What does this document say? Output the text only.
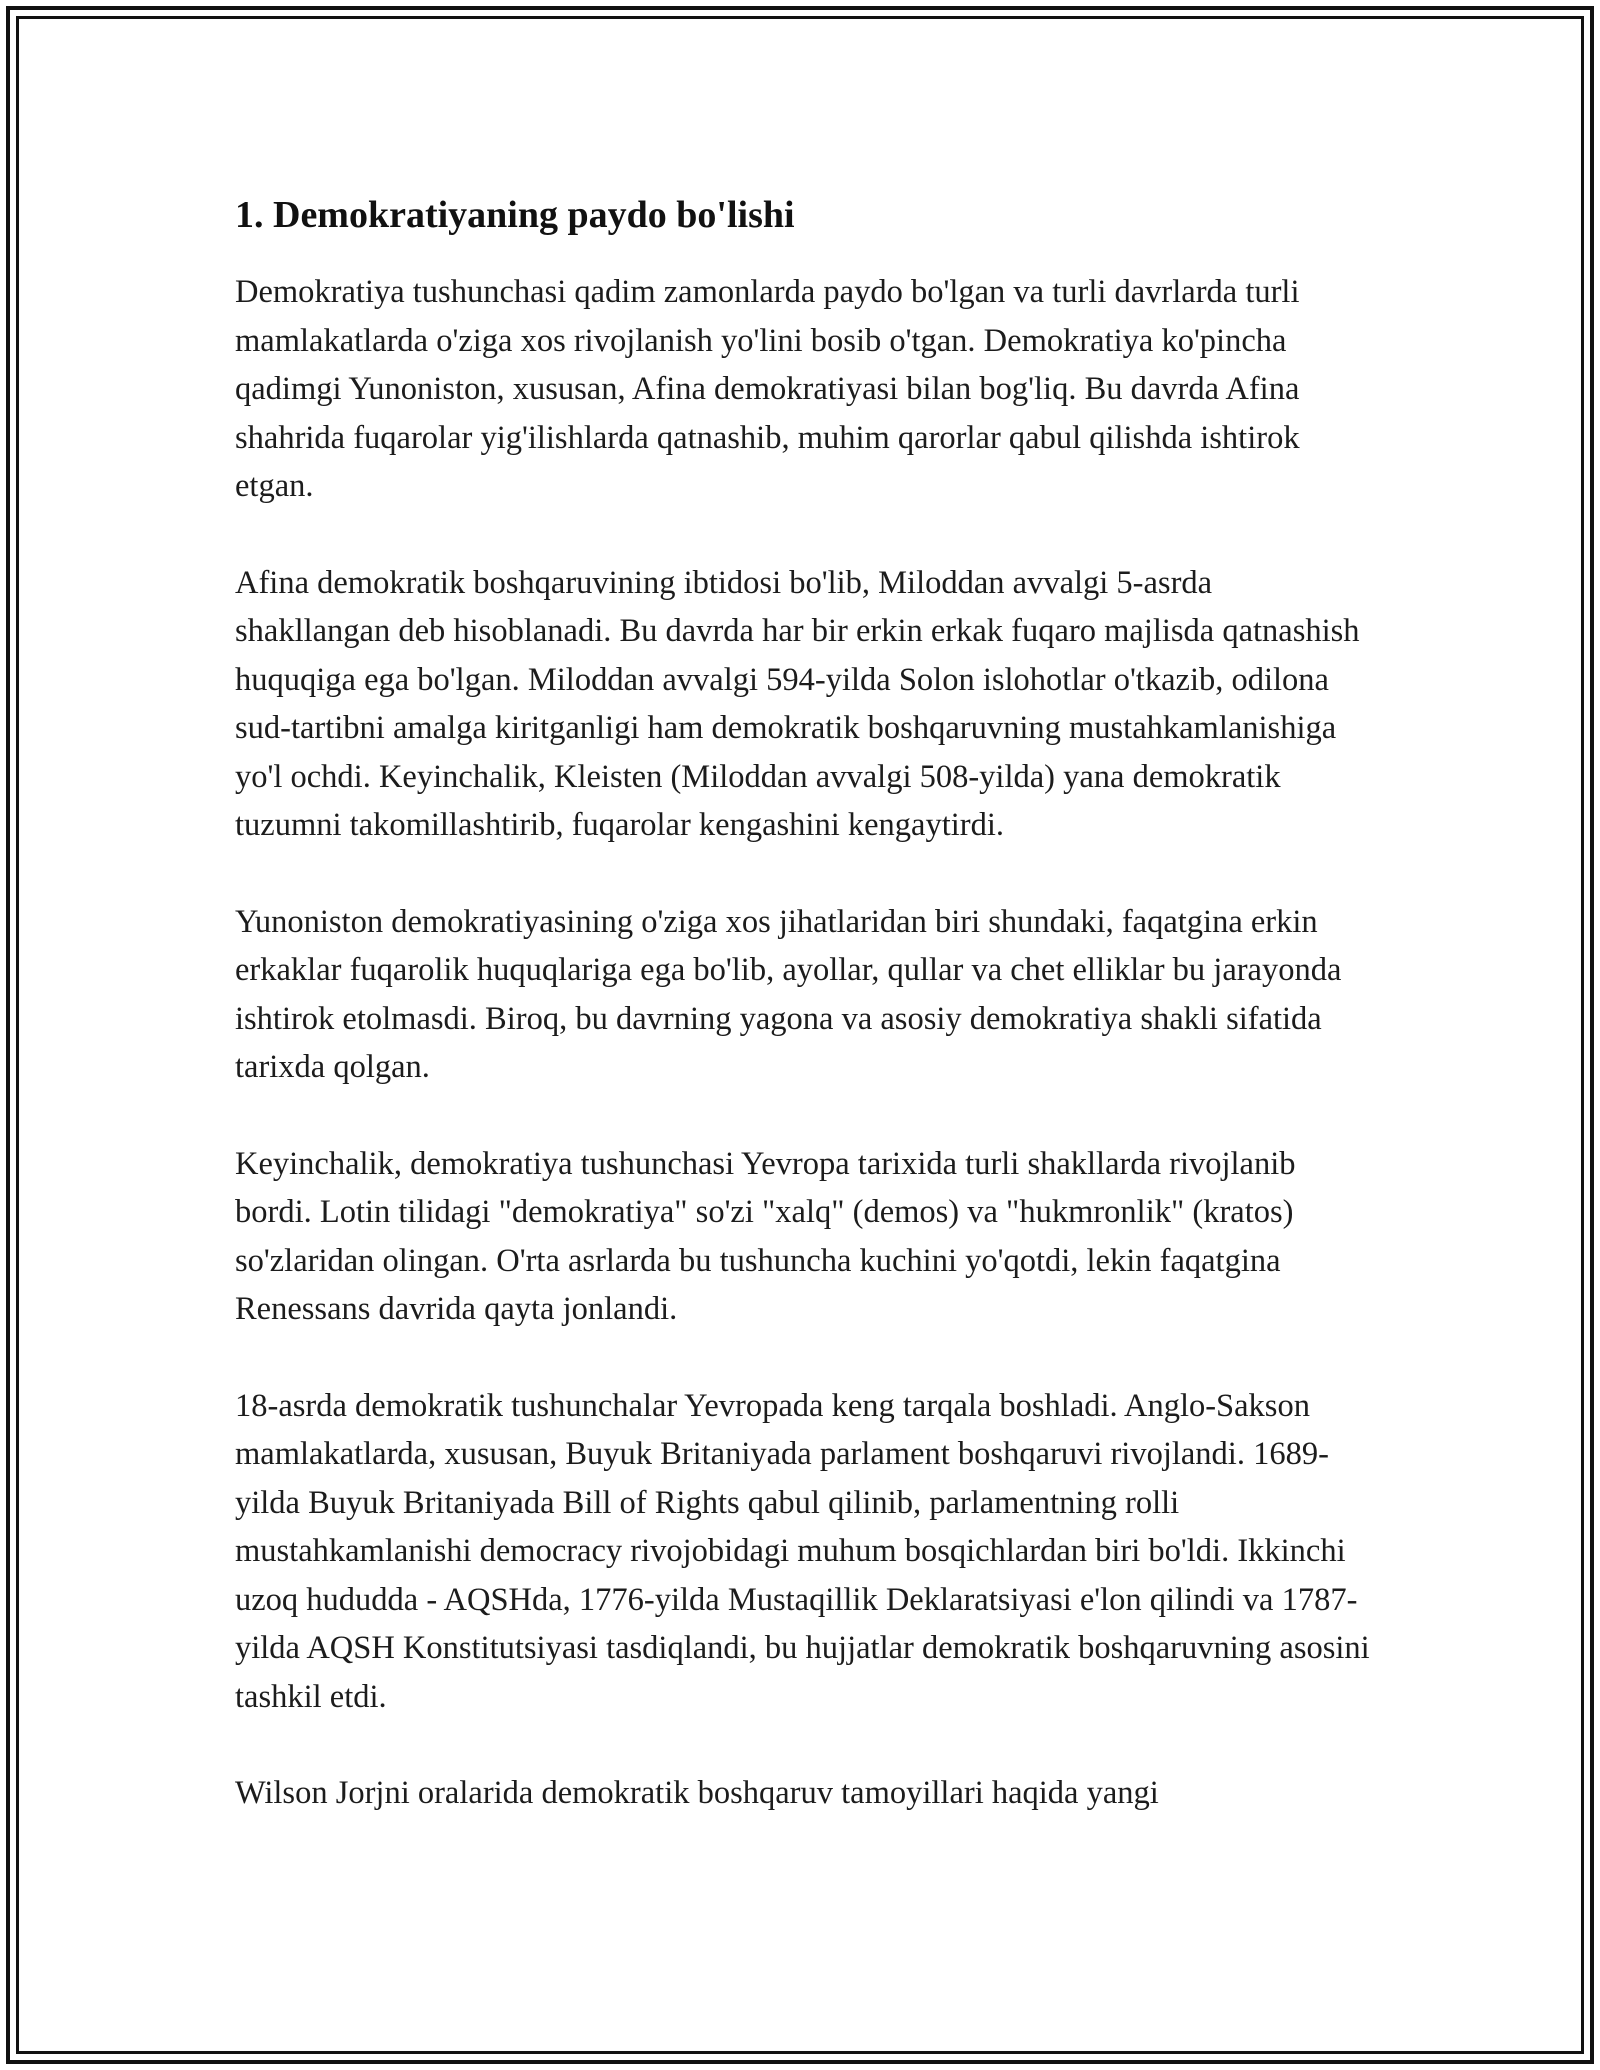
1. Demokratiyaning paydo bo'lishi

Demokratiya tushunchasi qadim zamonlarda paydo bo'lgan va turli davrlarda turli mamlakatlarda o'ziga xos rivojlanish yo'lini bosib o'tgan. Demokratiya ko'pincha qadimgi Yunoniston, xususan, Afina demokratiyasi bilan bog'liq. Bu davrda Afina shahrida fuqarolar yig'ilishlarda qatnashib, muhim qarorlar qabul qilishda ishtirok etgan.

Afina demokratik boshqaruvining ibtidosi bo'lib, Miloddan avvalgi 5-asrda shakllangan deb hisoblanadi. Bu davrda har bir erkin erkak fuqaro majlisda qatnashish huquqiga ega bo'lgan. Miloddan avvalgi 594-yilda Solon islohotlar o'tkazib, odilona sud-tartibni amalga kiritganligi ham demokratik boshqaruvning mustahkamlanishiga yo'l ochdi. Keyinchalik, Kleisten (Miloddan avvalgi 508-yilda) yana demokratik tuzumni takomillashtirib, fuqarolar kengashini kengaytirdi.

Yunoniston demokratiyasining o'ziga xos jihatlaridan biri shundaki, faqatgina erkin erkaklar fuqarolik huquqlariga ega bo'lib, ayollar, qullar va chet elliklar bu jarayonda ishtirok etolmasdi. Biroq, bu davrning yagona va asosiy demokratiya shakli sifatida tarixda qolgan.

Keyinchalik, demokratiya tushunchasi Yevropa tarixida turli shakllarda rivojlanib bordi. Lotin tilidagi "demokratiya" so'zi "xalq" (demos) va "hukmronlik" (kratos) so'zlaridan olingan. O'rta asrlarda bu tushuncha kuchini yo'qotdi, lekin faqatgina Renessans davrida qayta jonlandi.

18-asrda demokratik tushunchalar Yevropada keng tarqala boshladi. Anglo-Sakson mamlakatlarda, xususan, Buyuk Britaniyada parlament boshqaruvi rivojlandi. 1689-yilda Buyuk Britaniyada Bill of Rights qabul qilinib, parlamentning rolli mustahkamlanishi democracy rivojobidagi muhum bosqichlardan biri bo'ldi. Ikkinchi uzoq hududda - AQSHda, 1776-yilda Mustaqillik Deklaratsiyasi e'lon qilindi va 1787-yilda AQSH Konstitutsiyasi tasdiqlandi, bu hujjatlar demokratik boshqaruvning asosini tashkil etdi.

Wilson Jorjni oralarida demokratik boshqaruv tamoyillari haqida yangi
